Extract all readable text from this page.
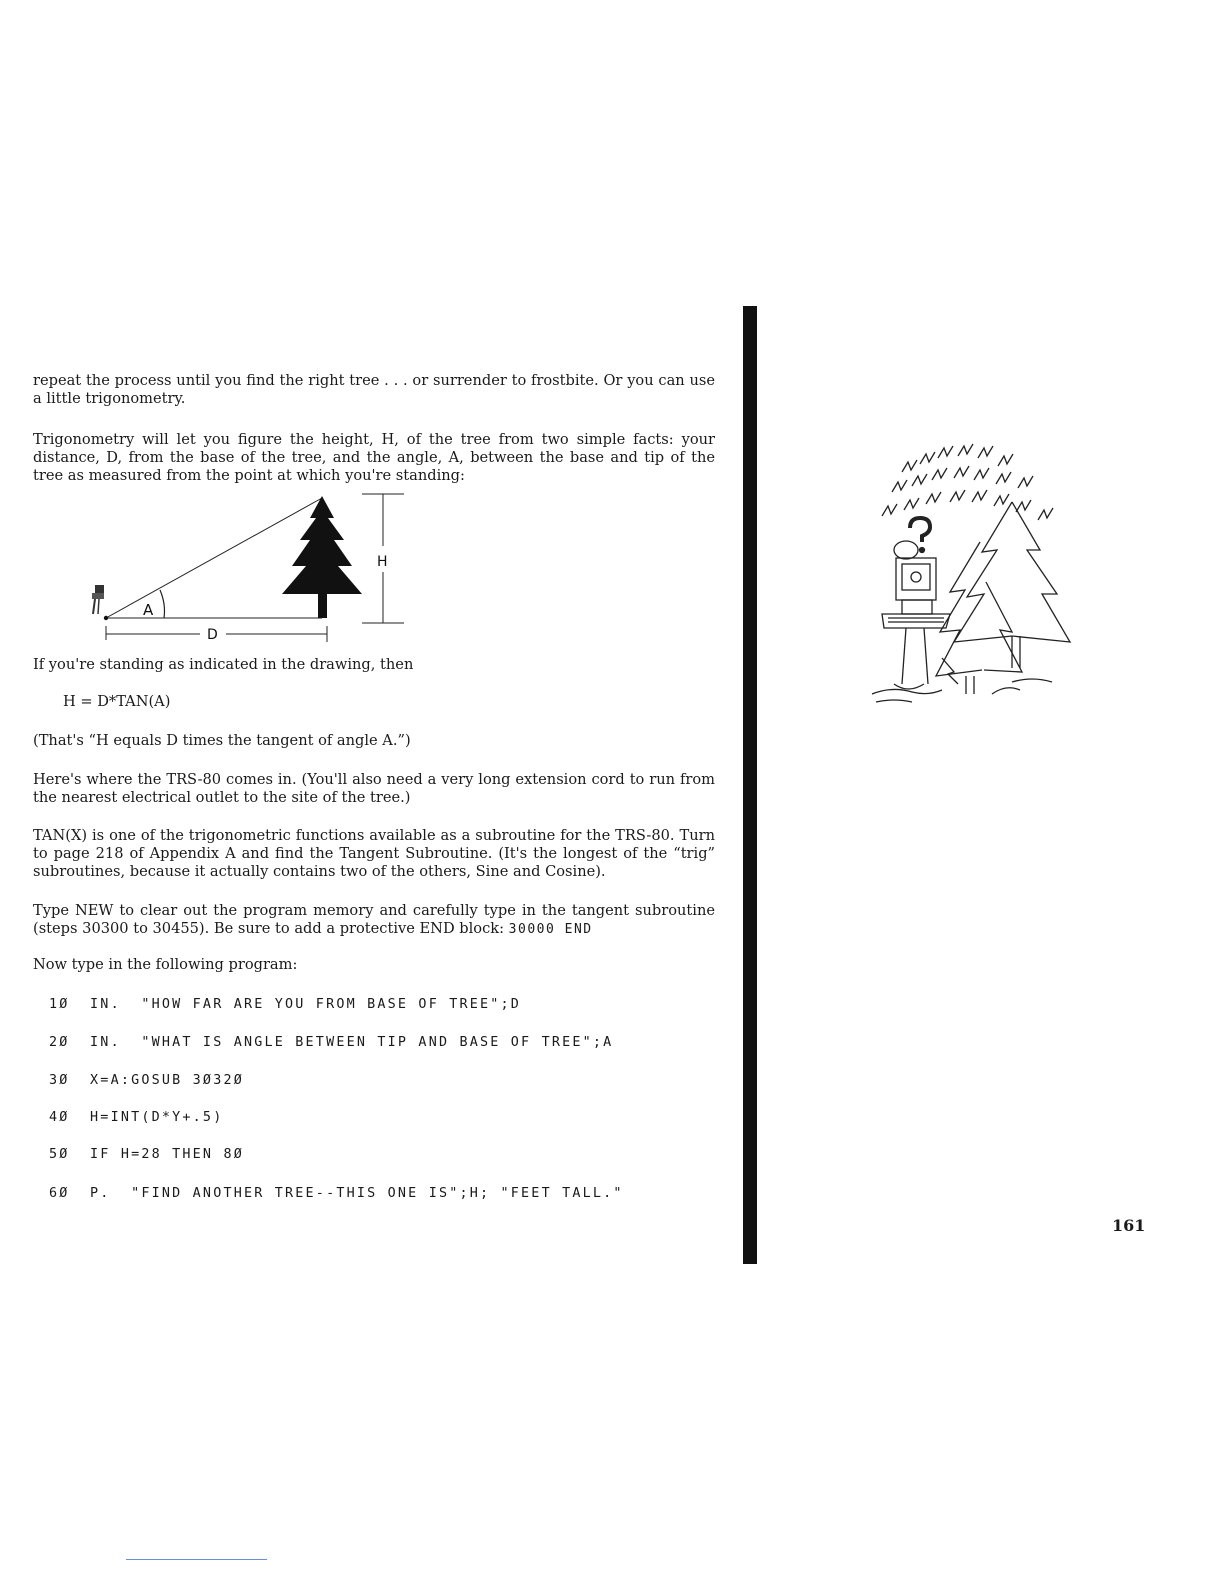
repeat the process until you find the right tree . . . or surrender to frostbite. Or you can use a little trigonometry.
Trigonometry will let you figure the height, H, of the tree from two simple facts: your distance, D, from the base of the tree, and the angle, A, between the base and tip of the tree as measured from the point at which you're standing:
A
H
D
If you're standing as indicated in the drawing, then
H = D*TAN(A)
(That's “H equals D times the tangent of angle A.”)
Here's where the TRS-80 comes in. (You'll also need a very long extension cord to run from the nearest electrical outlet to the site of the tree.)
TAN(X) is one of the trigonometric functions available as a subroutine for the TRS-80. Turn to page 218 of Appendix A and find the Tangent Subroutine. (It's the longest of the “trig” subroutines, because it actually contains two of the others, Sine and Cosine).
Type NEW to clear out the program memory and carefully type in the tangent subroutine (steps 30300 to 30455). Be sure to add a protective END block: 30000 END
Now type in the following program:
1Ø  IN.  "HOW FAR ARE YOU FROM BASE OF TREE";D
2Ø  IN.  "WHAT IS ANGLE BETWEEN TIP AND BASE OF TREE";A
3Ø  X=A:GOSUB 3Ø32Ø
4Ø  H=INT(D*Y+.5)
5Ø  IF H=28 THEN 8Ø
6Ø  P.  "FIND ANOTHER TREE--THIS ONE IS";H; "FEET TALL."
161
